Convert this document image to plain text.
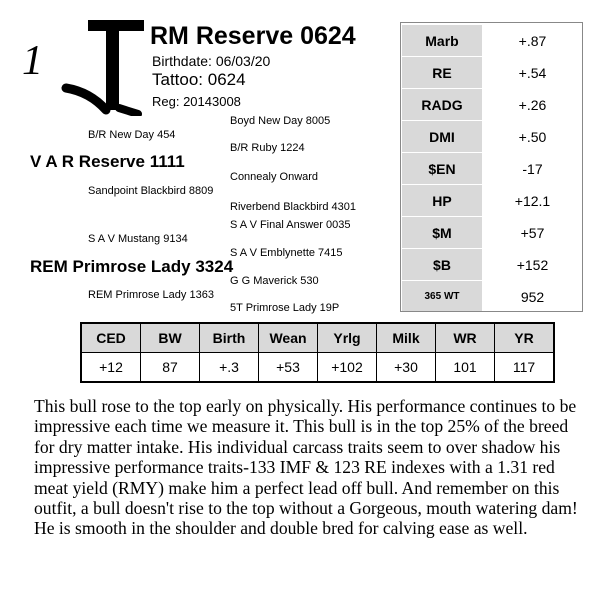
1
RM Reserve 0624
Birthdate: 06/03/20
Tattoo: 0624
Reg: 20143008
Boyd New Day 8005
B/R New Day 454
B/R Ruby 1224
V A R Reserve 1111
Connealy Onward
Sandpoint Blackbird 8809
Riverbend Blackbird 4301
S A V Final Answer 0035
S A V Mustang 9134
S A V Emblynette 7415
REM Primrose Lady 3324
G G Maverick 530
REM Primrose Lady 1363
5T Primrose Lady 19P
Marb	+.87
RE	+.54
RADG	+.26
DMI	+.50
$EN	-17
HP	+12.1
$M	+57
$B	+152
365 WT	952
CED	BW	Birth	Wean	Yrlg	Milk	WR	YR
+12	87	+.3	+53	+102	+30	101	117
This bull rose to the top early on physically. His performance continues to be impressive each time we measure it. This bull is in the top 25% of the breed for dry matter intake. His individual carcass traits seem to over shadow his impressive performance traits-133 IMF & 123 RE indexes with a 1.31 red meat yield (RMY) make him a perfect lead off bull. And remember on this outfit, a bull doesn't rise to the top without a Gorgeous, mouth watering dam! He is smooth in the shoulder and double bred for calving ease as well.
